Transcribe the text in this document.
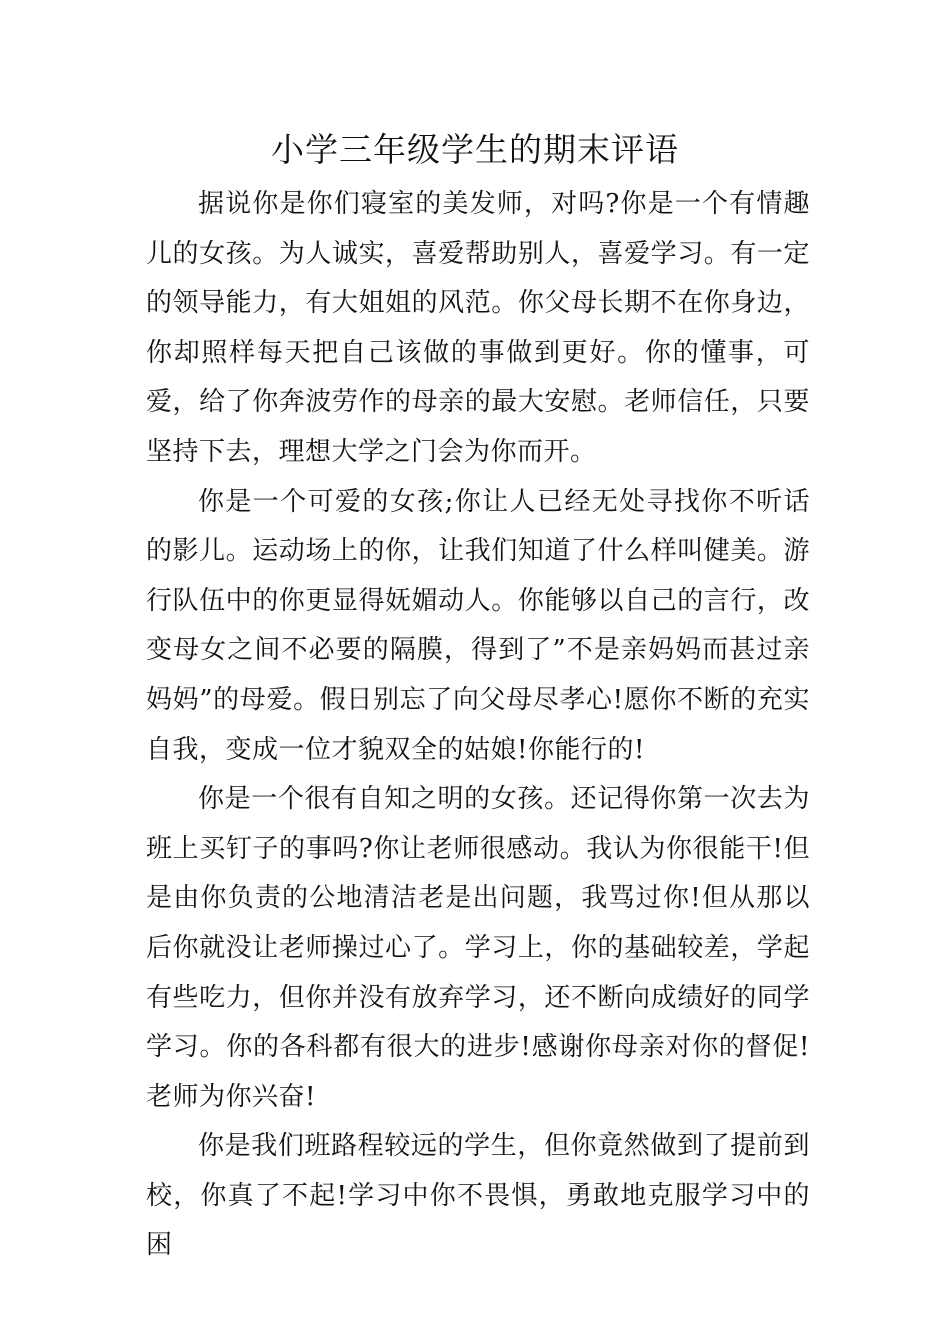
小学三年级学生的期末评语

据说你是你们寝室的美发师，对吗?你是一个有情趣儿的女孩。为人诚实，喜爱帮助别人，喜爱学习。有一定的领导能力，有大姐姐的风范。你父母长期不在你身边，你却照样每天把自己该做的事做到更好。你的懂事，可爱，给了你奔波劳作的母亲的最大安慰。老师信任，只要坚持下去，理想大学之门会为你而开。

你是一个可爱的女孩;你让人已经无处寻找你不听话的影儿。运动场上的你，让我们知道了什么样叫健美。游行队伍中的你更显得妩媚动人。你能够以自己的言行，改变母女之间不必要的隔膜，得到了”不是亲妈妈而甚过亲妈妈”的母爱。假日别忘了向父母尽孝心!愿你不断的充实自我，变成一位才貌双全的姑娘!你能行的!

你是一个很有自知之明的女孩。还记得你第一次去为班上买钉子的事吗?你让老师很感动。我认为你很能干!但是由你负责的公地清洁老是出问题，我骂过你!但从那以后你就没让老师操过心了。学习上，你的基础较差，学起有些吃力，但你并没有放弃学习，还不断向成绩好的同学学习。你的各科都有很大的进步!感谢你母亲对你的督促!老师为你兴奋!

你是我们班路程较远的学生，但你竟然做到了提前到校，你真了不起!学习中你不畏惧，勇敢地克服学习中的困
